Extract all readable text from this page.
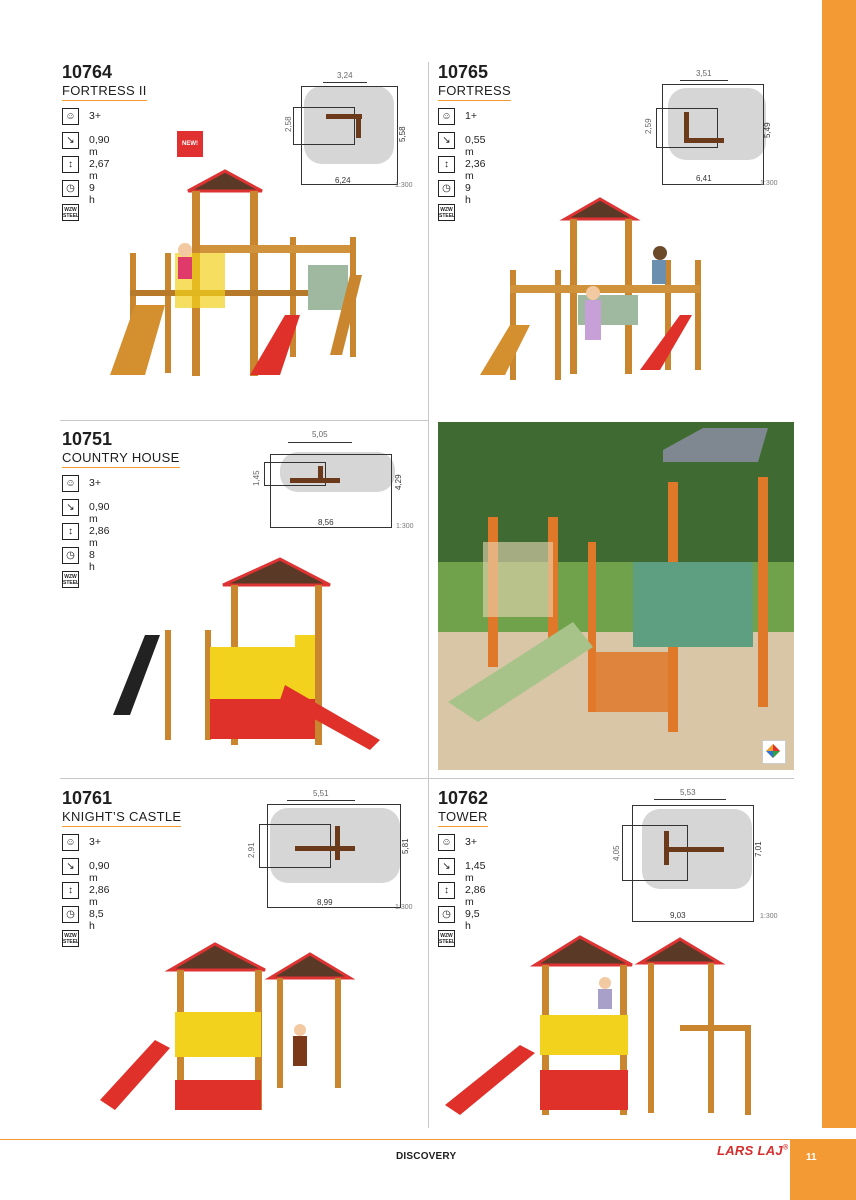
10764
FORTRESS II
☺	3+
↘	0,90 m
↕	2,67 m
◷	9 h
WZW STEEL
3,24
2,58
5,58
6,24
1:300
NEW!
10765
FORTRESS
☺	1+
↘	0,55 m
↕	2,36 m
◷	9 h
WZW STEEL
3,51
2,59	5,49
6,41
1:300
10751
COUNTRY HOUSE
☺	3+
↘	0,90 m
↕	2,86 m
◷	8 h
WZW STEEL
5,05
1,45	4,29
8,56	1:300
10761
KNIGHT’S CASTLE
☺	3+
↘	0,90 m
↕	2,86 m
◷	8,5 h
WZW STEEL
5,51
2,91	5,81
8,99
1:300
10762
TOWER
☺	3+
↘	1,45 m
↕	2,86 m
◷	9,5 h
WZW STEEL
5,53
4,05	7,01
9,03	1:300
DISCOVERY	LARS LAJ®
11
